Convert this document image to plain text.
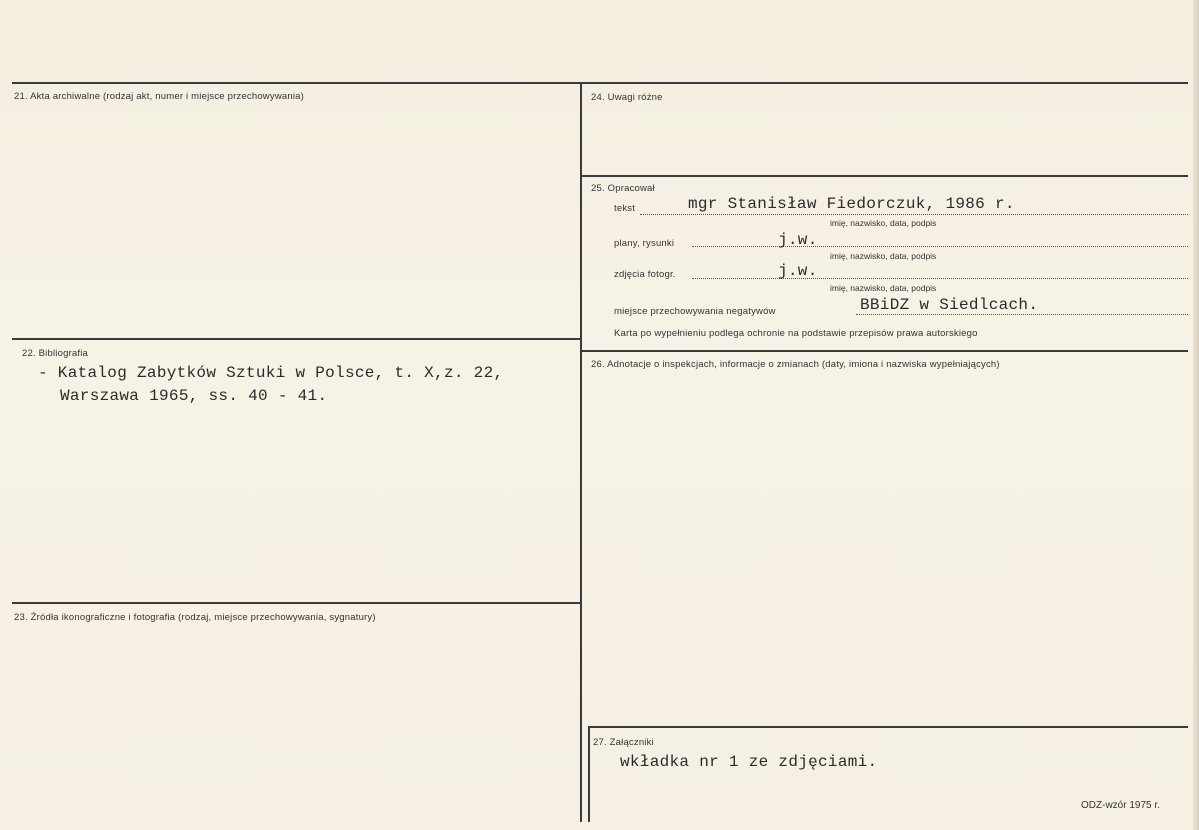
21. Akta archiwalne (rodzaj akt, numer i miejsce przechowywania)
22. Bibliografia
- Katalog Zabytków Sztuki w Polsce, t. X,z. 22,
Warszawa 1965, ss. 40 - 41.
23. Źródła ikonograficzne i fotografia (rodzaj, miejsce przechowywania, sygnatury)
24. Uwagi różne
25. Opracował
tekst	mgr Stanisław Fiedorczuk, 1986 r.
imię, nazwisko, data, podpis
plany, rysunki	j.w.
imię, nazwisko, data, podpis
zdjęcia fotogr.	j.w.
imię, nazwisko, data, podpis
miejsce przechowywania negatywów	BBiDZ w Siedlcach.
Karta po wypełnieniu podlega ochronie na podstawie przepisów prawa autorskiego
26. Adnotacje o inspekcjach, informacje o zmianach (daty, imiona i nazwiska wypełniających)
27. Załączniki
wkładka nr 1 ze zdjęciami.
ODZ-wzór 1975 r.
